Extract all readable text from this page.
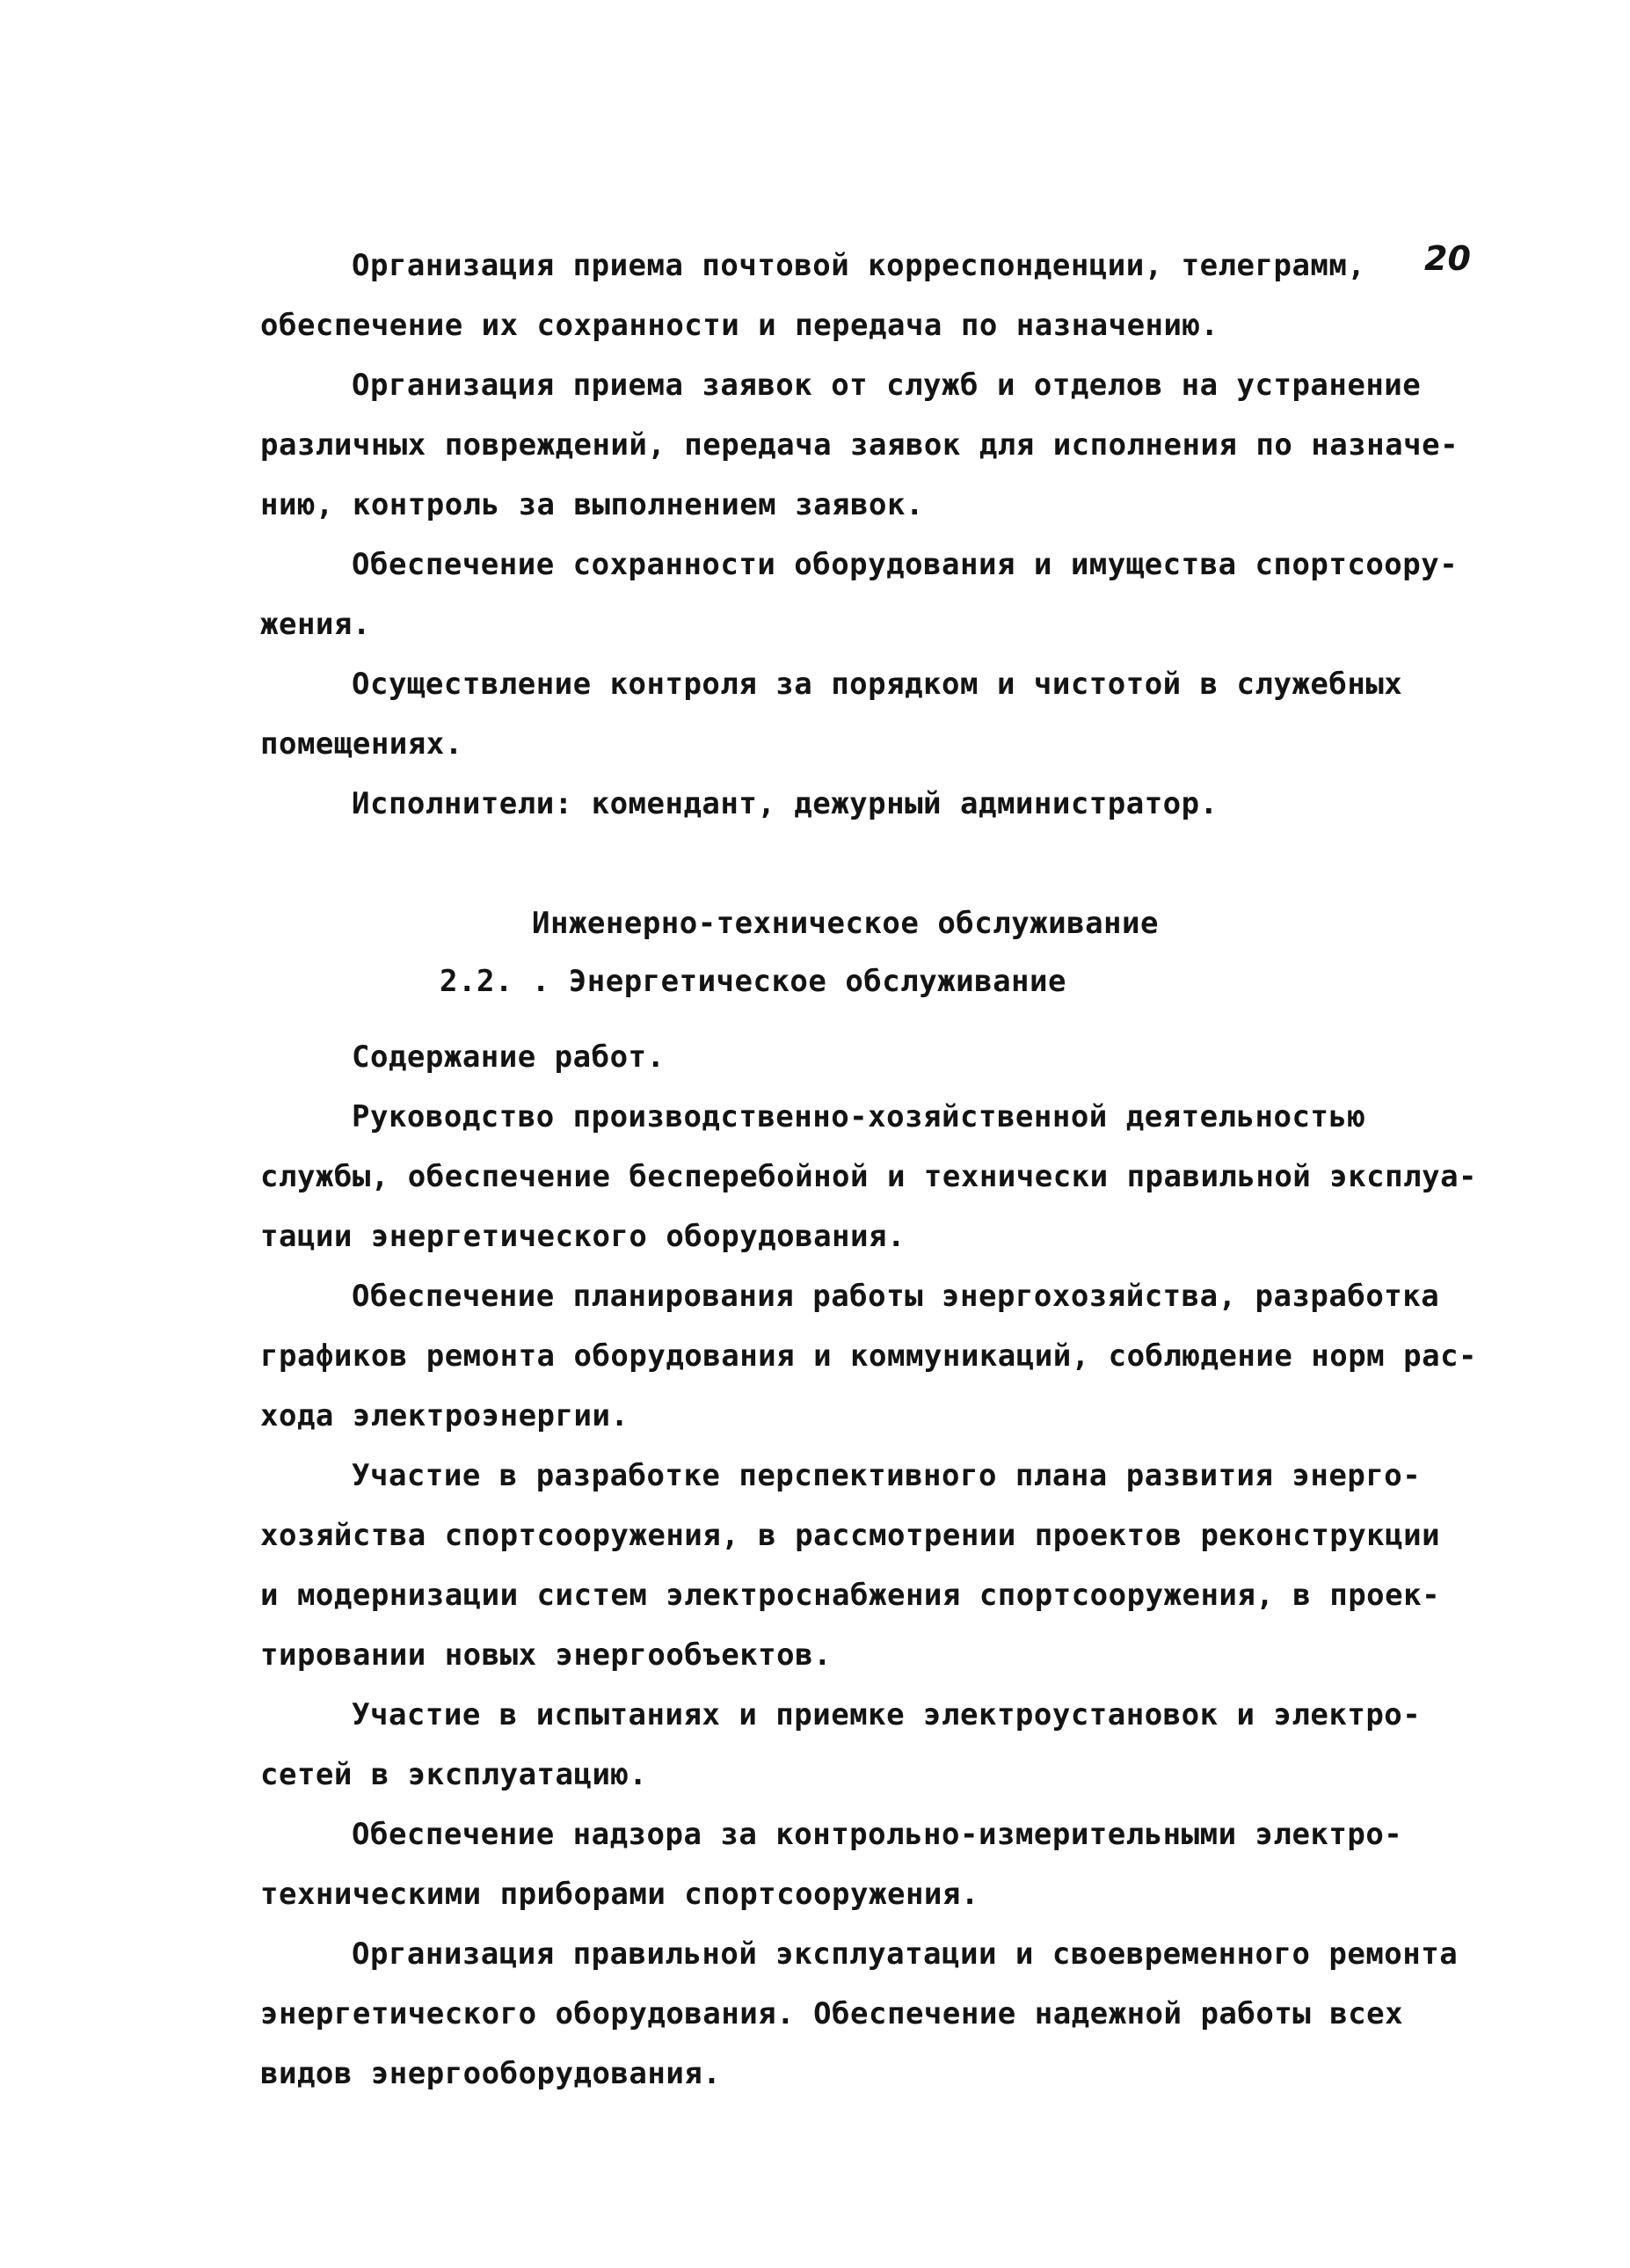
20
Организация приема почтовой корреспонденции, телеграмм,
обеспечение их сохранности и передача по назначению.
Организация приема заявок от служб и отделов на устранение
различных повреждений, передача заявок для исполнения по назначе-
нию, контроль за выполнением заявок.
Обеспечение сохранности оборудования и имущества спортсоору-
жения.
Осуществление контроля за порядком и чистотой в служебных
помещениях.
Исполнители: комендант, дежурный администратор.
Инженерно-техническое обслуживание
2.2. . Энергетическое обслуживание
Содержание работ.
Руководство производственно-хозяйственной деятельностью
службы, обеспечение бесперебойной и технически правильной эксплуа-
тации энергетического оборудования.
Обеспечение планирования работы энергохозяйства, разработка
графиков ремонта оборудования и коммуникаций, соблюдение норм рас-
хода электроэнергии.
Участие в разработке перспективного плана развития энерго-
хозяйства спортсооружения, в рассмотрении проектов реконструкции
и модернизации систем электроснабжения спортсооружения, в проек-
тировании новых энергообъектов.
Участие в испытаниях и приемке электроустановок и электро-
сетей в эксплуатацию.
Обеспечение надзора за контрольно-измерительными электро-
техническими приборами спортсооружения.
Организация правильной эксплуатации и своевременного ремонта
энергетического оборудования. Обеспечение надежной работы всех
видов энергооборудования.
